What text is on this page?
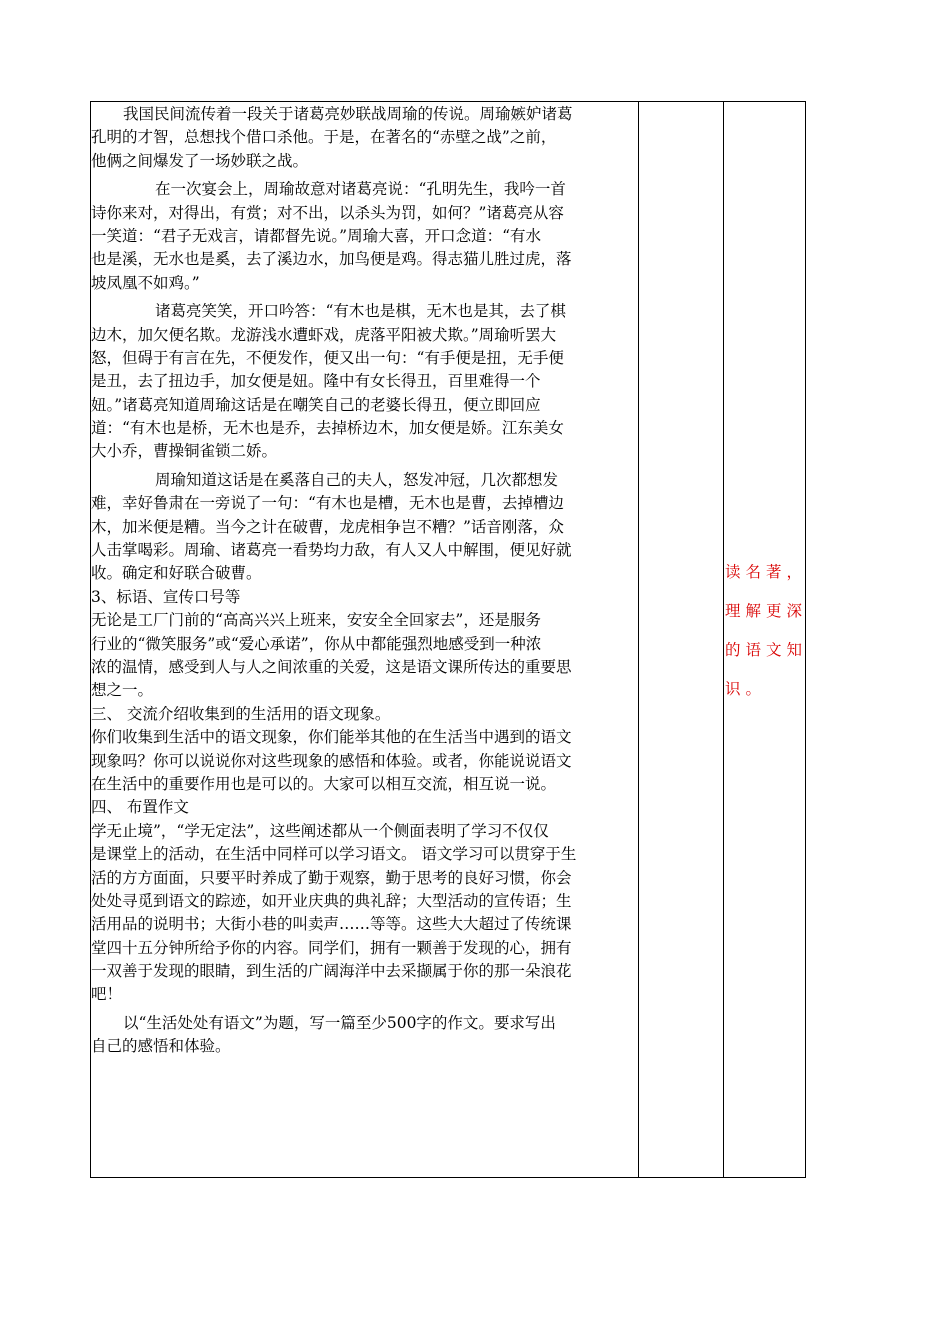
我国民间流传着一段关于诸葛亮妙联战周瑜的传说。周瑜嫉妒诸葛
孔明的才智，总想找个借口杀他。于是，在著名的“赤壁之战”之前，
他俩之间爆发了一场妙联之战。
在一次宴会上，周瑜故意对诸葛亮说：“孔明先生，我吟一首
诗你来对，对得出，有赏；对不出，以杀头为罚，如何？”诸葛亮从容
一笑道：“君子无戏言，请都督先说。”周瑜大喜，开口念道：“有水
也是溪，无水也是奚，去了溪边水，加鸟便是鸡。得志猫儿胜过虎，落
坡凤凰不如鸡。”
诸葛亮笑笑，开口吟答：“有木也是棋，无木也是其，去了棋
边木，加欠便名欺。龙游浅水遭虾戏，虎落平阳被犬欺。”周瑜听罢大
怒，但碍于有言在先，不便发作，便又出一句：“有手便是扭，无手便
是丑，去了扭边手，加女便是妞。隆中有女长得丑，百里难得一个
妞。”诸葛亮知道周瑜这话是在嘲笑自己的老婆长得丑，便立即回应
道：“有木也是桥，无木也是乔，去掉桥边木，加女便是娇。江东美女
大小乔，曹操铜雀锁二娇。
周瑜知道这话是在奚落自己的夫人，怒发冲冠，几次都想发
难，幸好鲁肃在一旁说了一句：“有木也是槽，无木也是曹，去掉槽边
木，加米便是糟。当今之计在破曹，龙虎相争岂不糟？”话音刚落，众
人击掌喝彩。周瑜、诸葛亮一看势均力敌，有人又人中解围，便见好就
收。确定和好联合破曹。
3、标语、宣传口号等
无论是工厂门前的“高高兴兴上班来，安安全全回家去”，还是服务
行业的“微笑服务”或“爱心承诺”，你从中都能强烈地感受到一种浓
浓的温情，感受到人与人之间浓重的关爱，这是语文课所传达的重要思
想之一。
三、 交流介绍收集到的生活用的语文现象。
你们收集到生活中的语文现象，你们能举其他的在生活当中遇到的语文
现象吗？你可以说说你对这些现象的感悟和体验。或者，你能说说语文
在生活中的重要作用也是可以的。大家可以相互交流，相互说一说。
四、 布置作文
学无止境”，“学无定法”，这些阐述都从一个侧面表明了学习不仅仅
是课堂上的活动，在生活中同样可以学习语文。 语文学习可以贯穿于生
活的方方面面，只要平时养成了勤于观察，勤于思考的良好习惯，你会
处处寻觅到语文的踪迹，如开业庆典的典礼辞；大型活动的宣传语；生
活用品的说明书；大街小巷的叫卖声……等等。这些大大超过了传统课
堂四十五分钟所给予你的内容。同学们，拥有一颗善于发现的心，拥有
一双善于发现的眼睛，到生活的广阔海洋中去采撷属于你的那一朵浪花
吧！
以“生活处处有语文”为题，写一篇至少500字的作文。要求写出
自己的感悟和体验。
读名著，
理解更深
的语文知
识。
